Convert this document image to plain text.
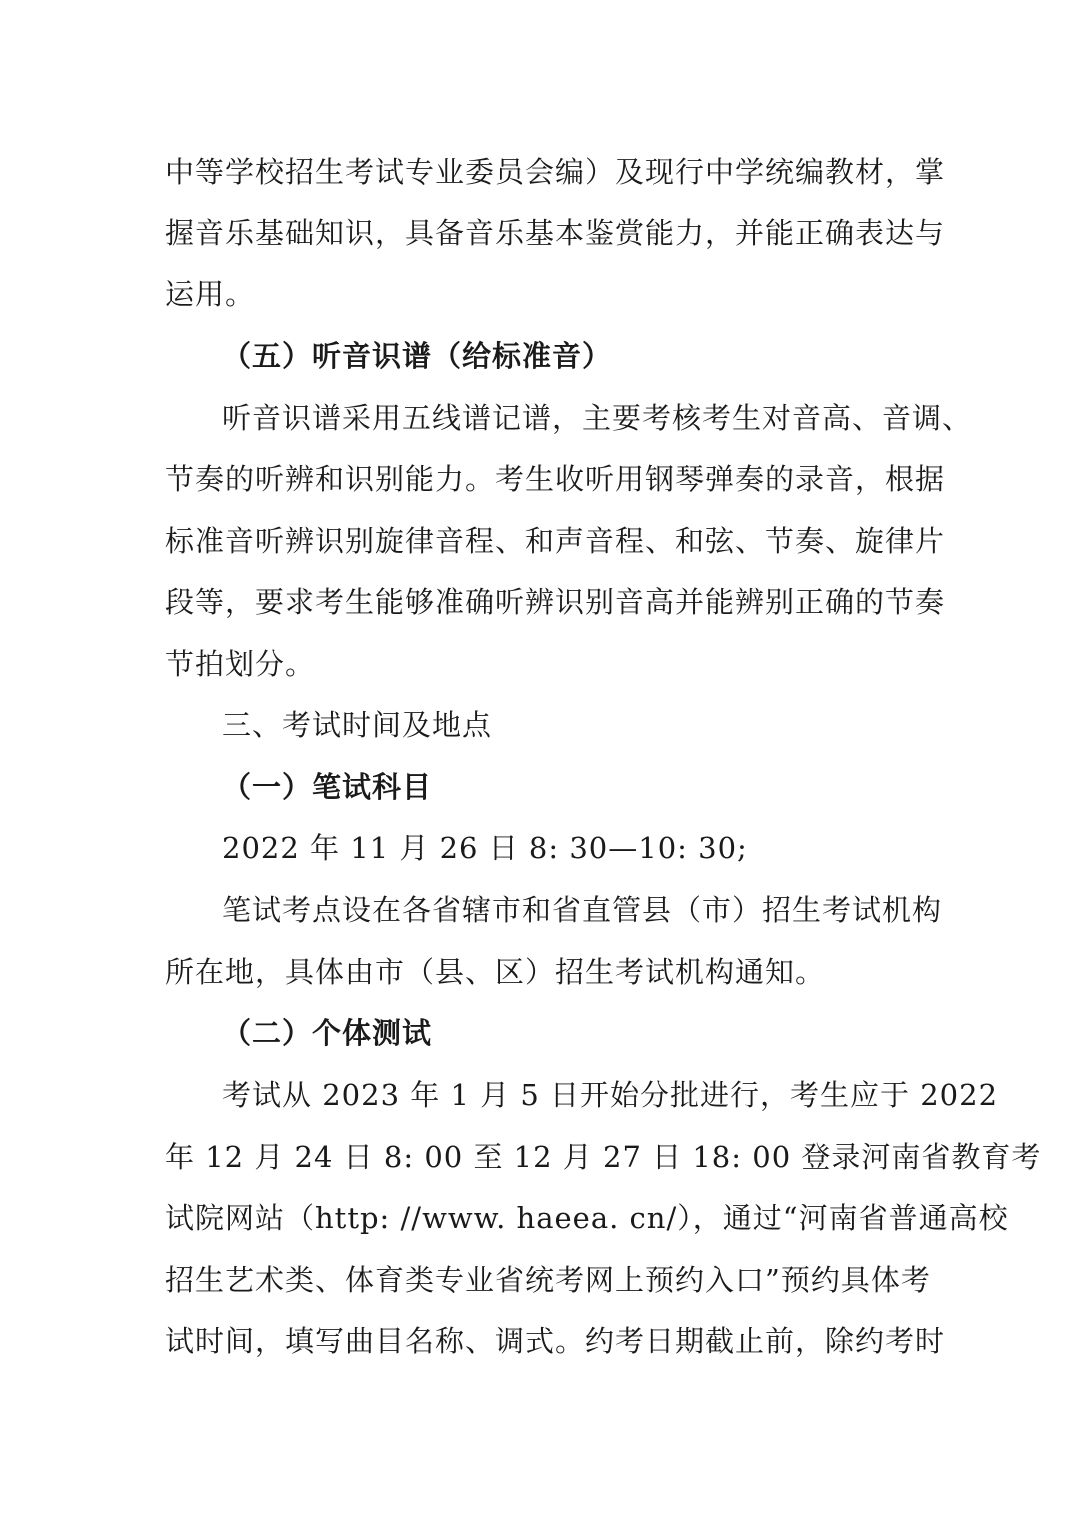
中等学校招生考试专业委员会编）及现行中学统编教材，掌
握音乐基础知识，具备音乐基本鉴赏能力，并能正确表达与
运用。
（五）听音识谱（给标准音）
听音识谱采用五线谱记谱，主要考核考生对音高、音调、
节奏的听辨和识别能力。考生收听用钢琴弹奏的录音，根据
标准音听辨识别旋律音程、和声音程、和弦、节奏、旋律片
段等，要求考生能够准确听辨识别音高并能辨别正确的节奏
节拍划分。
三、考试时间及地点
（一）笔试科目
2022 年 11 月 26 日 8: 30—10: 30;
笔试考点设在各省辖市和省直管县（市）招生考试机构
所在地，具体由市（县、区）招生考试机构通知。
（二）个体测试
考试从 2023 年 1 月 5 日开始分批进行，考生应于 2022
年 12 月 24 日 8: 00 至 12 月 27 日 18: 00 登录河南省教育考
试院网站（http: //www. haeea. cn/），通过“河南省普通高校
招生艺术类、体育类专业省统考网上预约入口”预约具体考
试时间，填写曲目名称、调式。约考日期截止前，除约考时
